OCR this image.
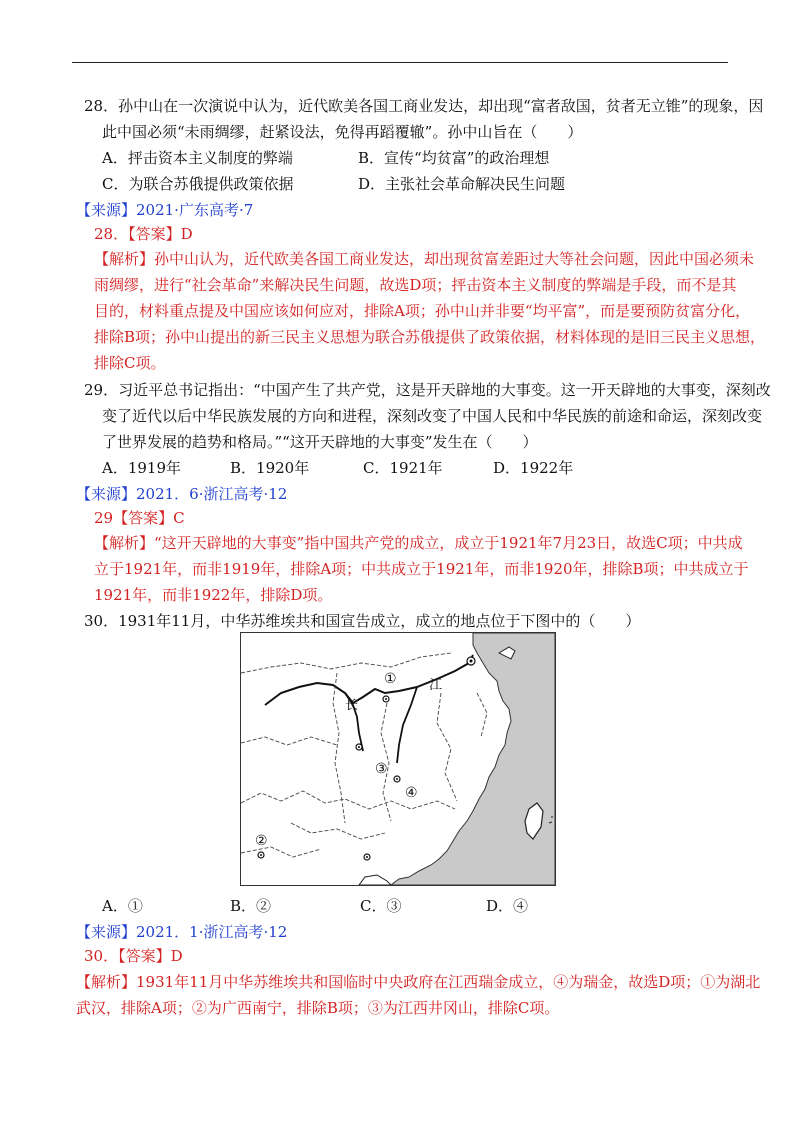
28．孙中山在一次演说中认为，近代欧美各国工商业发达，却出现“富者敌国，贫者无立锥”的现象，因
此中国必须“未雨绸缪，赶紧设法，免得再蹈覆辙”。孙中山旨在（　　）
A．抨击资本主义制度的弊端	B．宣传“均贫富”的政治理想
C．为联合苏俄提供政策依据	D．主张社会革命解决民生问题
【来源】2021·广东高考·7
28．【答案】D
【解析】孙中山认为，近代欧美各国工商业发达，却出现贫富差距过大等社会问题，因此中国必须未
雨绸缪，进行“社会革命”来解决民生问题，故选D项；抨击资本主义制度的弊端是手段，而不是其
目的，材料重点提及中国应该如何应对，排除A项；孙中山并非要“均平富”，而是要预防贫富分化，
排除B项；孙中山提出的新三民主义思想为联合苏俄提供了政策依据，材料体现的是旧三民主义思想，
排除C项。
29．习近平总书记指出：“中国产生了共产党，这是开天辟地的大事变。这一开天辟地的大事变，深刻改
变了近代以后中华民族发展的方向和进程，深刻改变了中国人民和中华民族的前途和命运，深刻改变
了世界发展的趋势和格局。”“这开天辟地的大事变”发生在（　　）
A．1919年	B．1920年	C．1921年	D．1922年
【来源】2021．6·浙江高考·12
29【答案】C
【解析】“这开天辟地的大事变”指中国共产党的成立，成立于1921年7月23日，故选C项；中共成
立于1921年，而非1919年，排除A项；中共成立于1921年，而非1920年，排除B项；中共成立于
1921年，而非1922年，排除D项。
30．1931年11月，中华苏维埃共和国宣告成立，成立的地点位于下图中的（　　）
①
②
③
④
江
长
A．①	B．②	C．③	D．④
【来源】2021．1·浙江高考·12
30．【答案】D
【解析】1931年11月中华苏维埃共和国临时中央政府在江西瑞金成立，④为瑞金，故选D项；①为湖北
武汉，排除A项；②为广西南宁，排除B项；③为江西井冈山，排除C项。
